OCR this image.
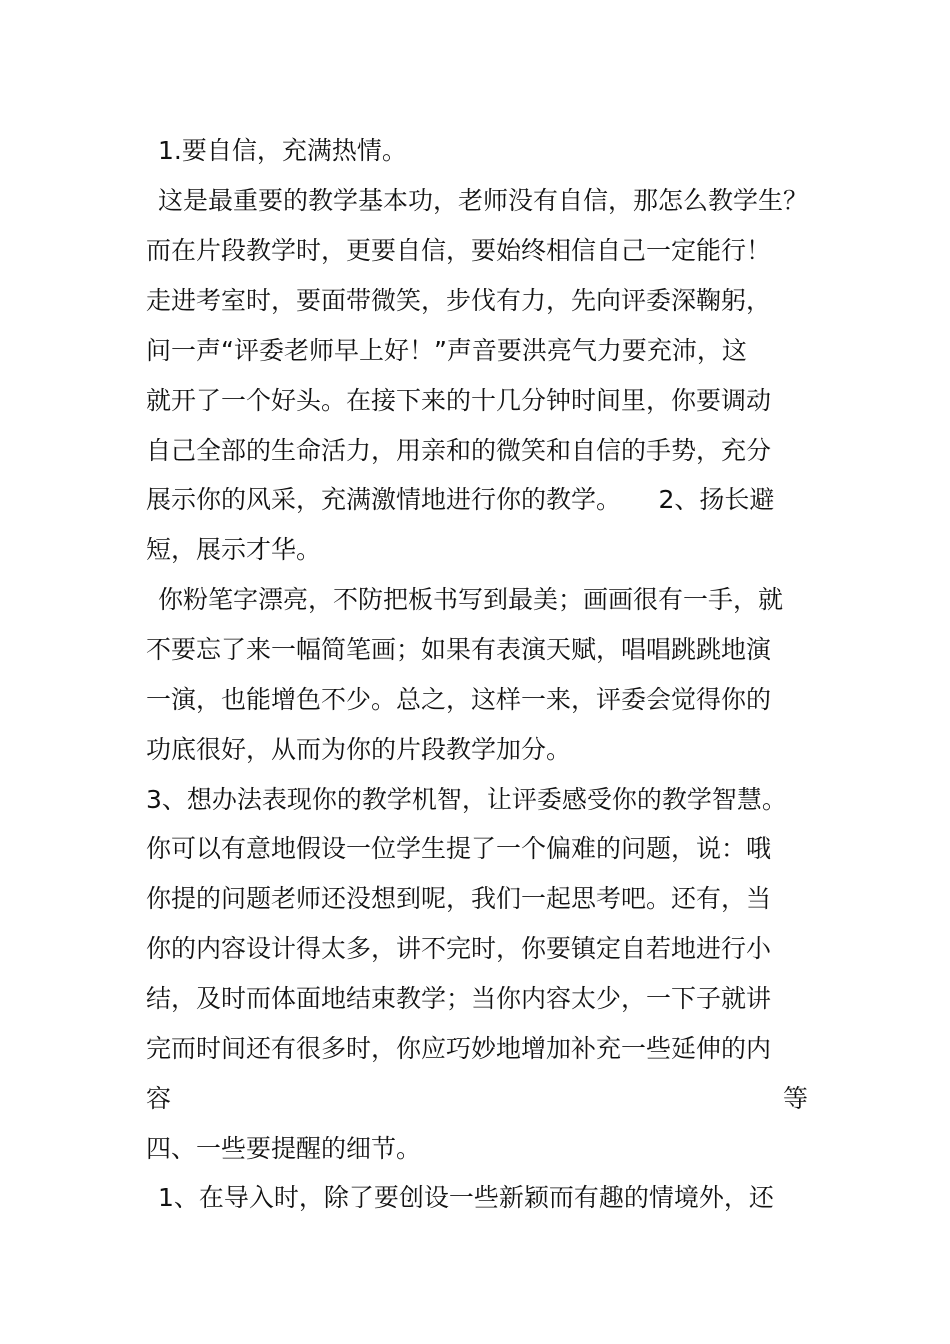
1.要自信，充满热情。
这是最重要的教学基本功，老师没有自信，那怎么教学生？
而在片段教学时，更要自信，要始终相信自己一定能行！
走进考室时，要面带微笑，步伐有力，先向评委深鞠躬，
问一声“评委老师早上好！”声音要洪亮气力要充沛，这
就开了一个好头。在接下来的十几分钟时间里，你要调动
自己全部的生命活力，用亲和的微笑和自信的手势，充分
展示你的风采，充满激情地进行你的教学。　　2、扬长避
短，展示才华。
你粉笔字漂亮，不防把板书写到最美；画画很有一手，就
不要忘了来一幅简笔画；如果有表演天赋，唱唱跳跳地演
一演，也能增色不少。总之，这样一来，评委会觉得你的
功底很好，从而为你的片段教学加分。
3、想办法表现你的教学机智，让评委感受你的教学智慧。
你可以有意地假设一位学生提了一个偏难的问题，说：哦
你提的问题老师还没想到呢，我们一起思考吧。还有，当
你的内容设计得太多，讲不完时，你要镇定自若地进行小
结，及时而体面地结束教学；当你内容太少，一下子就讲
完而时间还有很多时，你应巧妙地增加补充一些延伸的内
容	等
四、一些要提醒的细节。
1、在导入时，除了要创设一些新颖而有趣的情境外，还
